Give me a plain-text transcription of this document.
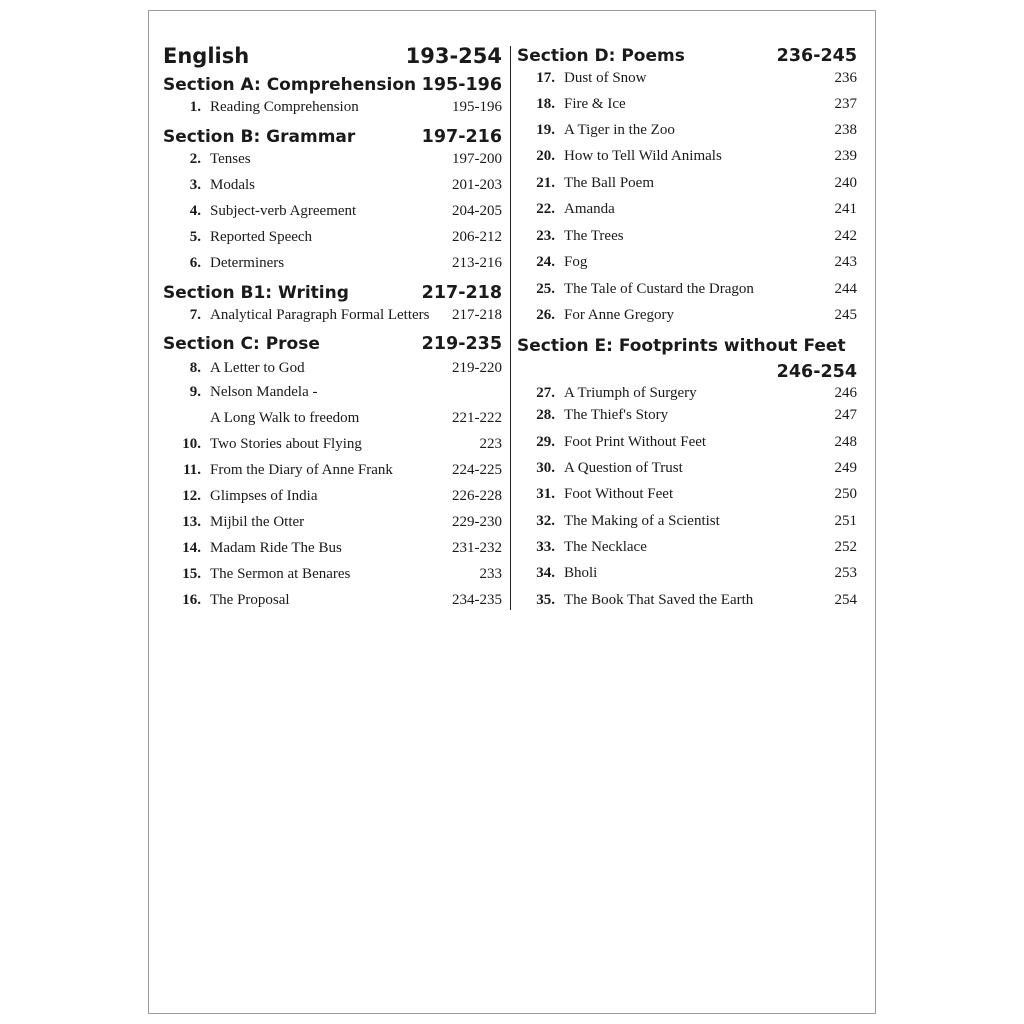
English	193-254
Section A: Comprehension 195-196
1. Reading Comprehension	195-196
Section B: Grammar	197-216
2. Tenses	197-200
3. Modals	201-203
4. Subject-verb Agreement	204-205
5. Reported Speech	206-212
6. Determiners	213-216
Section B1: Writing	217-218
7. Analytical Paragraph Formal Letters	217-218
Section C: Prose	219-235
8. A Letter to God	219-220
9. Nelson Mandela -
A Long Walk to freedom	221-222
10. Two Stories about Flying	223
11. From the Diary of Anne Frank	224-225
12. Glimpses of India	226-228
13. Mijbil the Otter	229-230
14. Madam Ride The Bus	231-232
15. The Sermon at Benares	233
16. The Proposal	234-235
Section D: Poems	236-245
17. Dust of Snow	236
18. Fire & Ice	237
19. A Tiger in the Zoo	238
20. How to Tell Wild Animals	239
21. The Ball Poem	240
22. Amanda	241
23. The Trees	242
24. Fog	243
25. The Tale of Custard the Dragon	244
26. For Anne Gregory	245
Section E: Footprints without Feet
246-254
27. A Triumph of Surgery	246
28. The Thief's Story	247
29. Foot Print Without Feet	248
30. A Question of Trust	249
31. Foot Without Feet	250
32. The Making of a Scientist	251
33. The Necklace	252
34. Bholi	253
35. The Book That Saved the Earth	254
